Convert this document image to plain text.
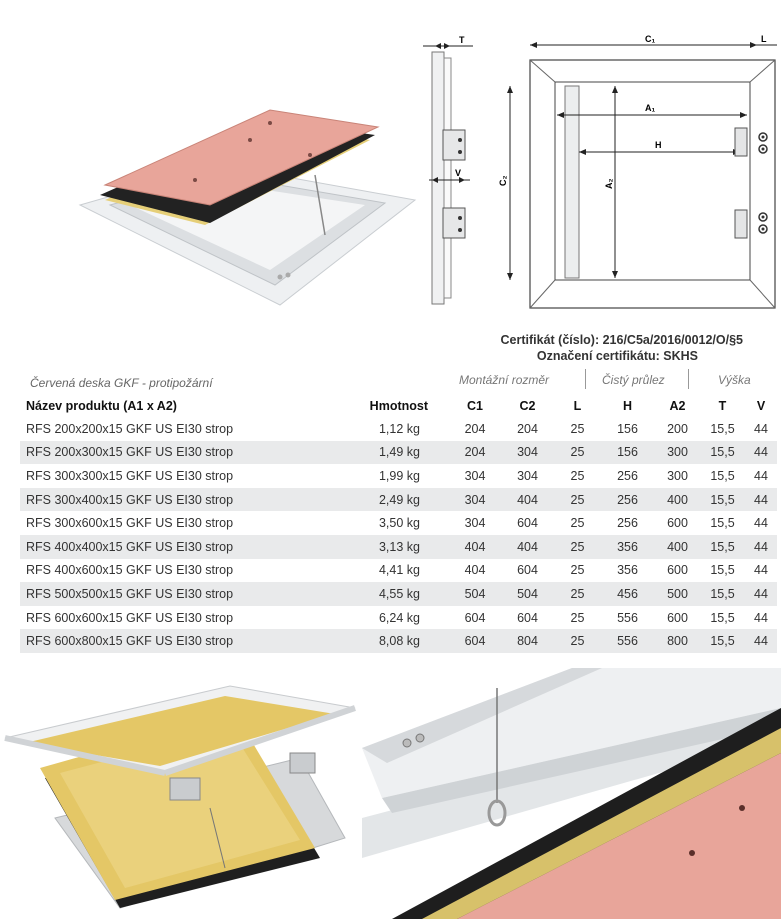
T
V
C₁	L
C₂
A₁
H
A₂
Certifikát (číslo): 216/C5a/2016/0012/O/§5
Označení certifikátu: SKHS
Červená deska GKF - protipožární	Montážní rozměr	Čistý průlez	Výška
Název produktu (A1 x A2)	Hmotnost	C1	C2	L	H	A2	T	V
RFS 200x200x15 GKF US EI30 strop	1,12 kg	204	204	25	156	200	15,5	44
RFS 200x300x15 GKF US EI30 strop	1,49 kg	204	304	25	156	300	15,5	44
RFS 300x300x15 GKF US EI30 strop	1,99 kg	304	304	25	256	300	15,5	44
RFS 300x400x15 GKF US EI30 strop	2,49 kg	304	404	25	256	400	15,5	44
RFS 300x600x15 GKF US EI30 strop	3,50 kg	304	604	25	256	600	15,5	44
RFS 400x400x15 GKF US EI30 strop	3,13 kg	404	404	25	356	400	15,5	44
RFS 400x600x15 GKF US EI30 strop	4,41 kg	404	604	25	356	600	15,5	44
RFS 500x500x15 GKF US EI30 strop	4,55 kg	504	504	25	456	500	15,5	44
RFS 600x600x15 GKF US EI30 strop	6,24 kg	604	604	25	556	600	15,5	44
RFS 600x800x15 GKF US EI30 strop	8,08 kg	604	804	25	556	800	15,5	44
